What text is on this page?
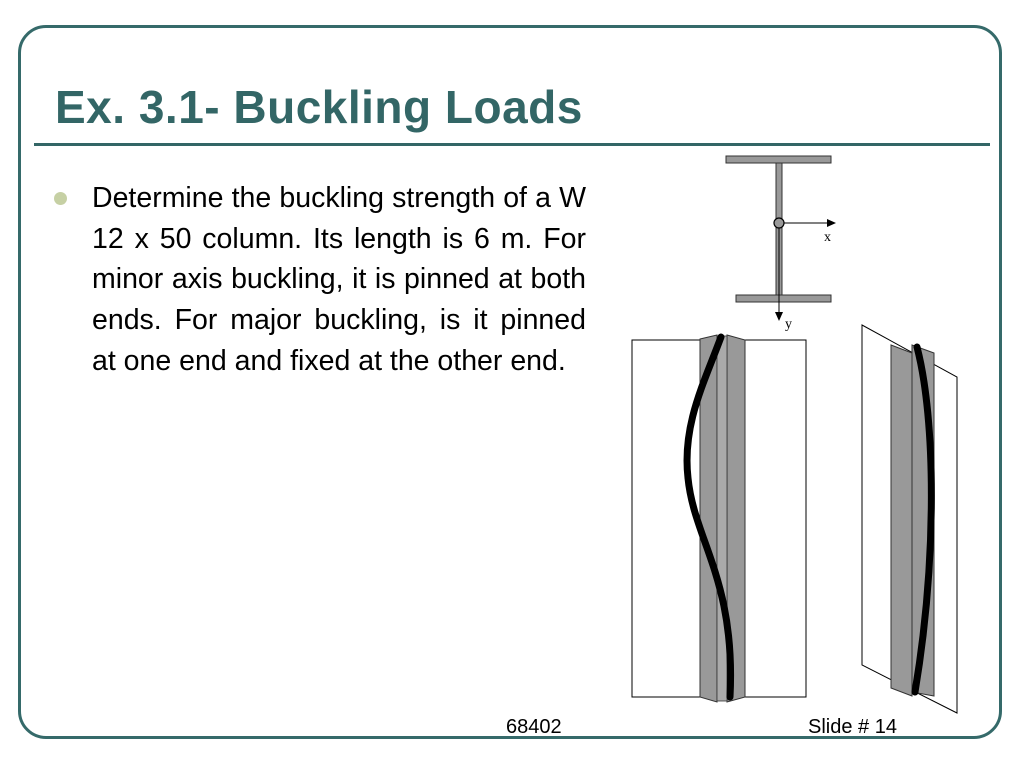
Ex. 3.1- Buckling Loads

Determine the buckling strength of a W 12 x 50 column. Its length is 6 m. For minor axis buckling, it is pinned at both ends. For major buckling, is it pinned at one end and fixed at the other end.

x
y
68402	Slide # 14
